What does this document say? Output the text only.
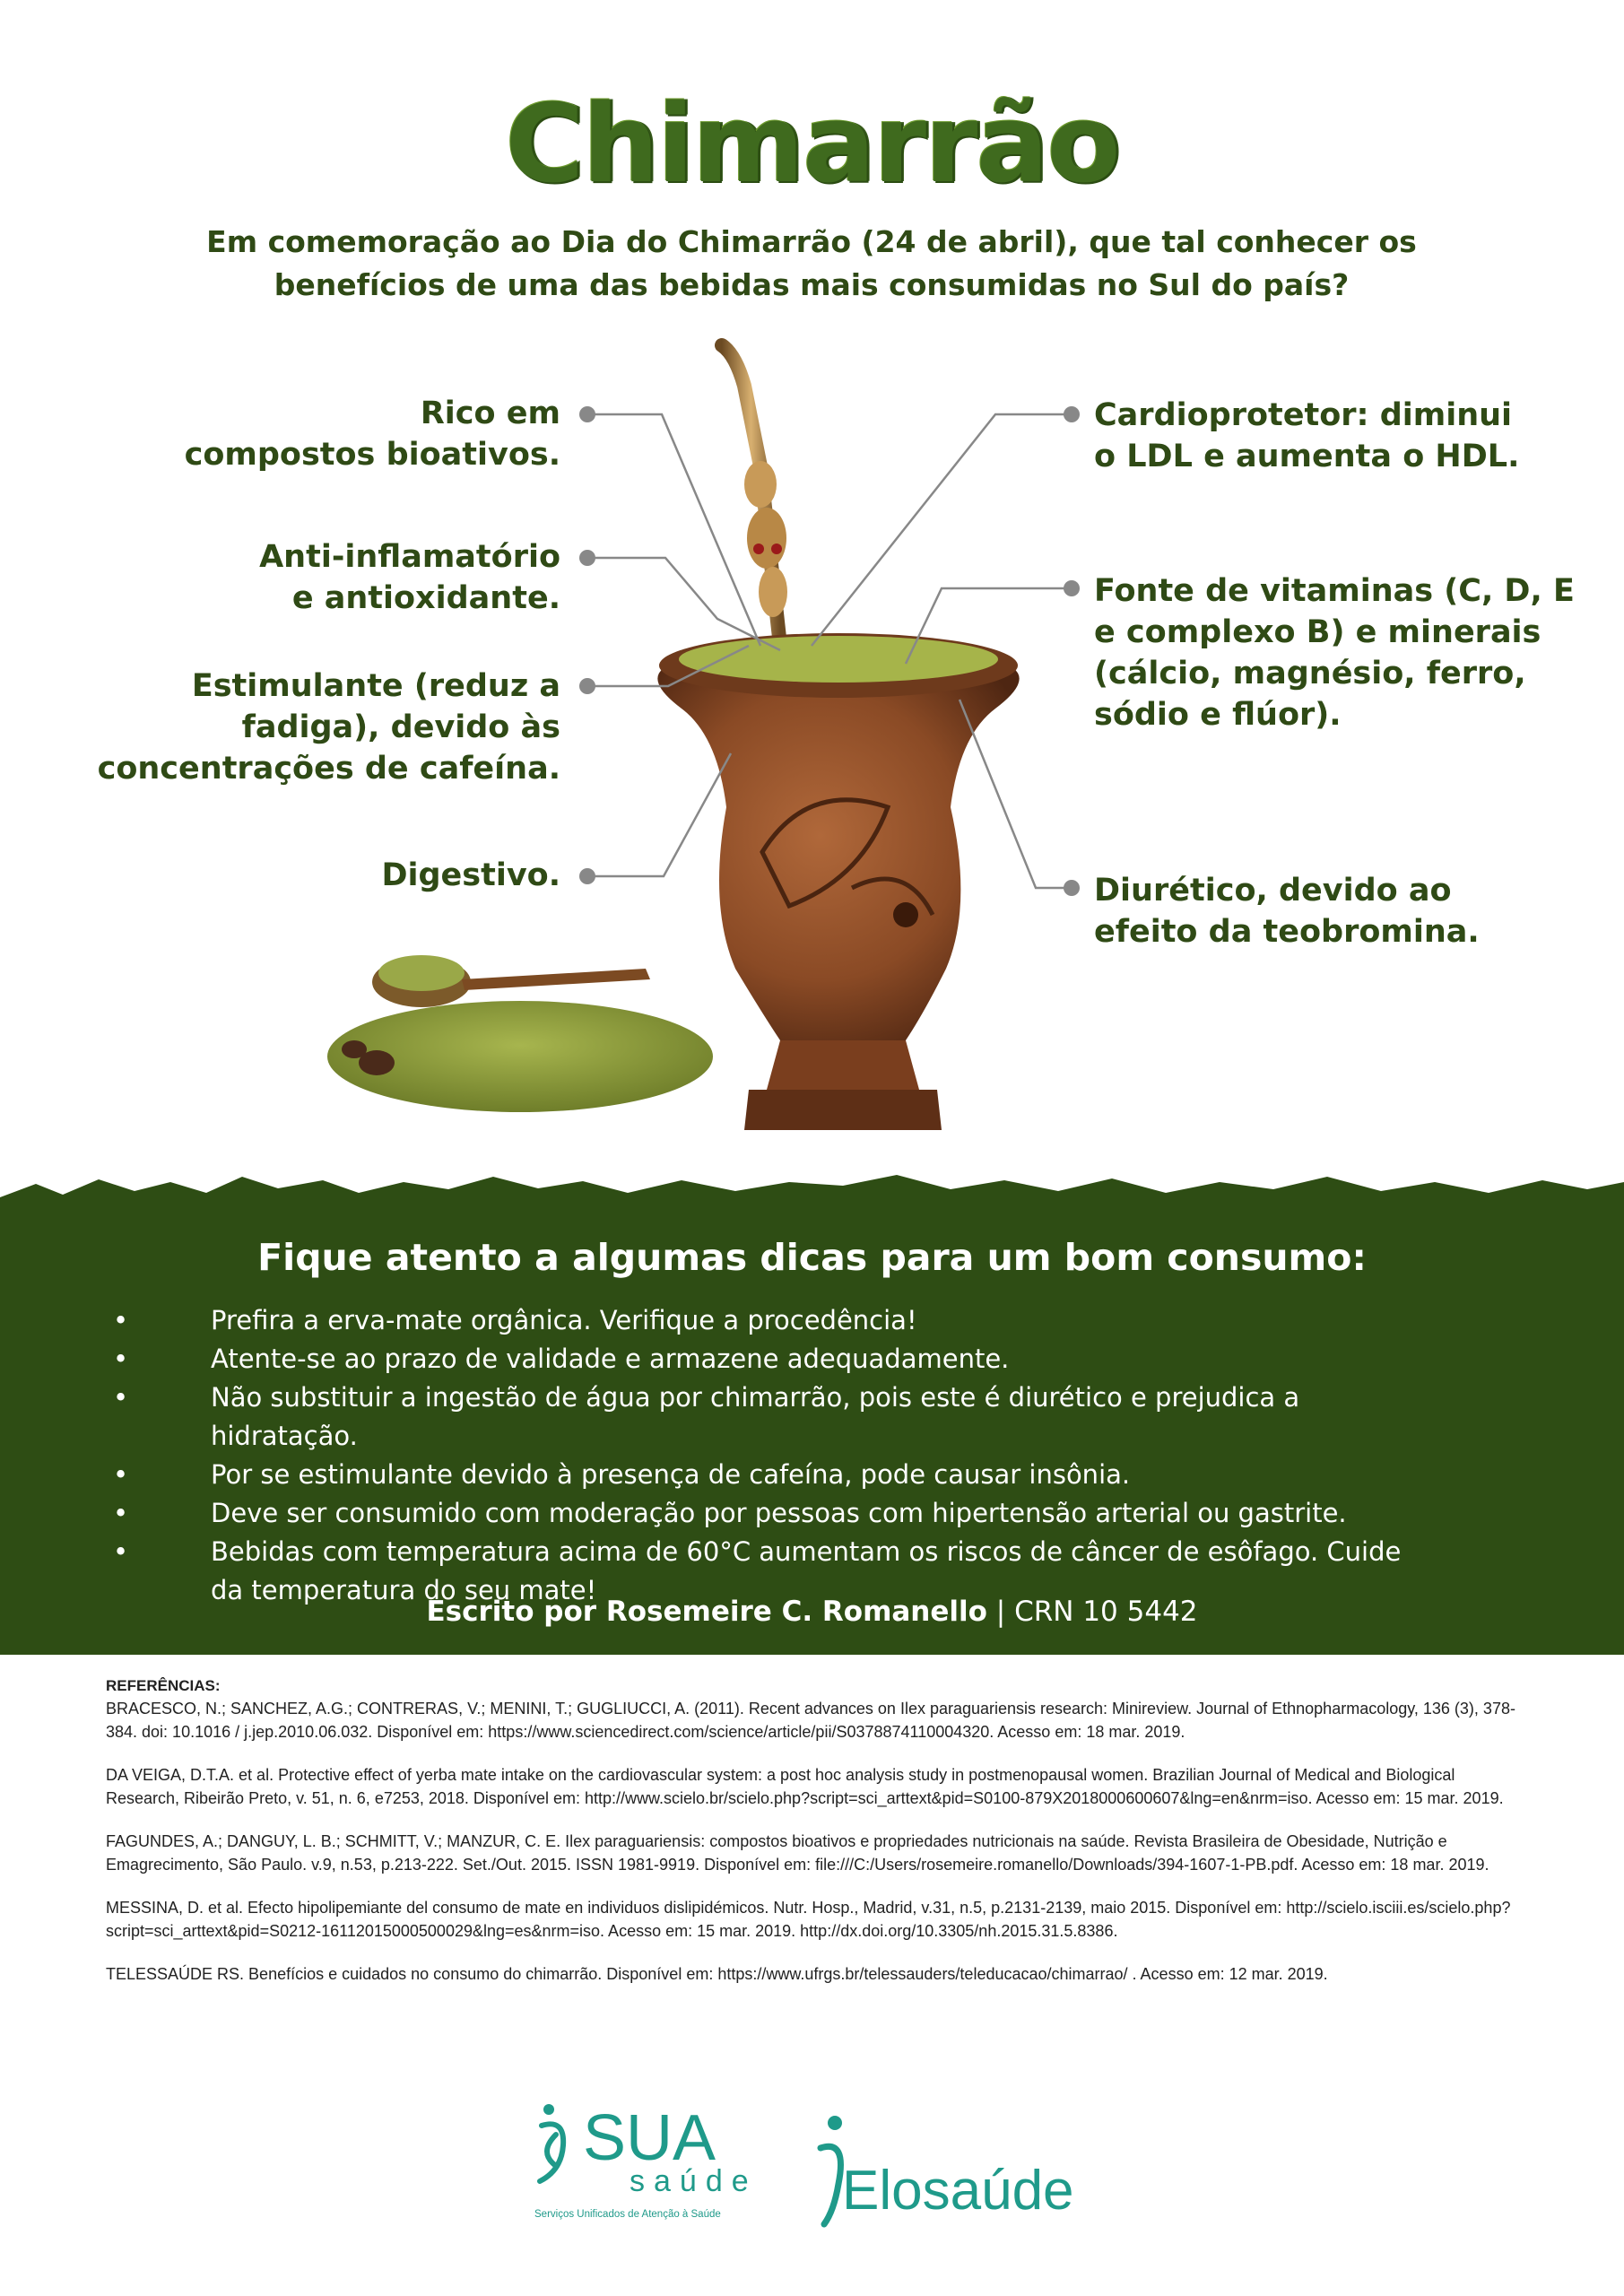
Chimarrão
Em comemoração ao Dia do Chimarrão (24 de abril), que tal conhecer os
benefícios de uma das bebidas mais consumidas no Sul do país?
Rico em
compostos bioativos.
Anti-inflamatório
e antioxidante.
Estimulante (reduz a
fadiga), devido às
concentrações de cafeína.
Digestivo.
Cardioprotetor: diminui
o LDL e aumenta o HDL.
Fonte de vitaminas (C, D, E
e complexo B) e minerais
(cálcio, magnésio, ferro,
sódio e flúor).
Diurético, devido ao
efeito da teobromina.
Fique atento a algumas dicas para um bom consumo:
•	Prefira a erva-mate orgânica. Verifique a procedência!
•	Atente-se ao prazo de validade e armazene adequadamente.
•	Não substituir a ingestão de água por chimarrão, pois este é diurético e prejudica a hidratação.
•	Por se estimulante devido à presença de cafeína, pode causar insônia.
•	Deve ser consumido com moderação por pessoas com hipertensão arterial ou gastrite.
•	Bebidas com temperatura acima de 60°C aumentam os riscos de câncer de esôfago. Cuide da temperatura do seu mate!
Escrito por Rosemeire C. Romanello | CRN 10 5442
REFERÊNCIAS:

BRACESCO, N.; SANCHEZ, A.G.; CONTRERAS, V.; MENINI, T.; GUGLIUCCI, A. (2011). Recent advances on Ilex paraguariensis research: Minireview. Journal of Ethnopharmacology, 136 (3), 378-384. doi: 10.1016 / j.jep.2010.06.032. Disponível em: https://www.sciencedirect.com/science/article/pii/S0378874110004320. Acesso em: 18 mar. 2019.

DA VEIGA, D.T.A. et al. Protective effect of yerba mate intake on the cardiovascular system: a post hoc analysis study in postmenopausal women. Brazilian Journal of Medical and Biological Research, Ribeirão Preto, v. 51, n. 6, e7253, 2018. Disponível em: http://www.scielo.br/scielo.php?script=sci_arttext&pid=S0100-879X2018000600607&lng=en&nrm=iso. Acesso em: 15 mar. 2019.

FAGUNDES, A.; DANGUY, L. B.; SCHMITT, V.; MANZUR, C. E. Ilex paraguariensis: compostos bioativos e propriedades nutricionais na saúde. Revista Brasileira de Obesidade, Nutrição e Emagrecimento, São Paulo. v.9, n.53, p.213-222. Set./Out. 2015. ISSN 1981-9919. Disponível em: file:///C:/Users/rosemeire.romanello/Downloads/394-1607-1-PB.pdf. Acesso em: 18 mar. 2019.

MESSINA, D. et al. Efecto hipolipemiante del consumo de mate en individuos dislipidémicos. Nutr. Hosp., Madrid, v.31, n.5, p.2131-2139, maio 2015. Disponível em: http://scielo.isciii.es/scielo.php?script=sci_arttext&pid=S0212-16112015000500029&lng=es&nrm=iso. Acesso em: 15 mar. 2019. http://dx.doi.org/10.3305/nh.2015.31.5.8386.

TELESSAÚDE RS. Benefícios e cuidados no consumo do chimarrão. Disponível em: https://www.ufrgs.br/telessauders/teleducacao/chimarrao/ . Acesso em: 12 mar. 2019.

SUA
saúde
Serviços Unificados de Atenção à Saúde Elosaúde
